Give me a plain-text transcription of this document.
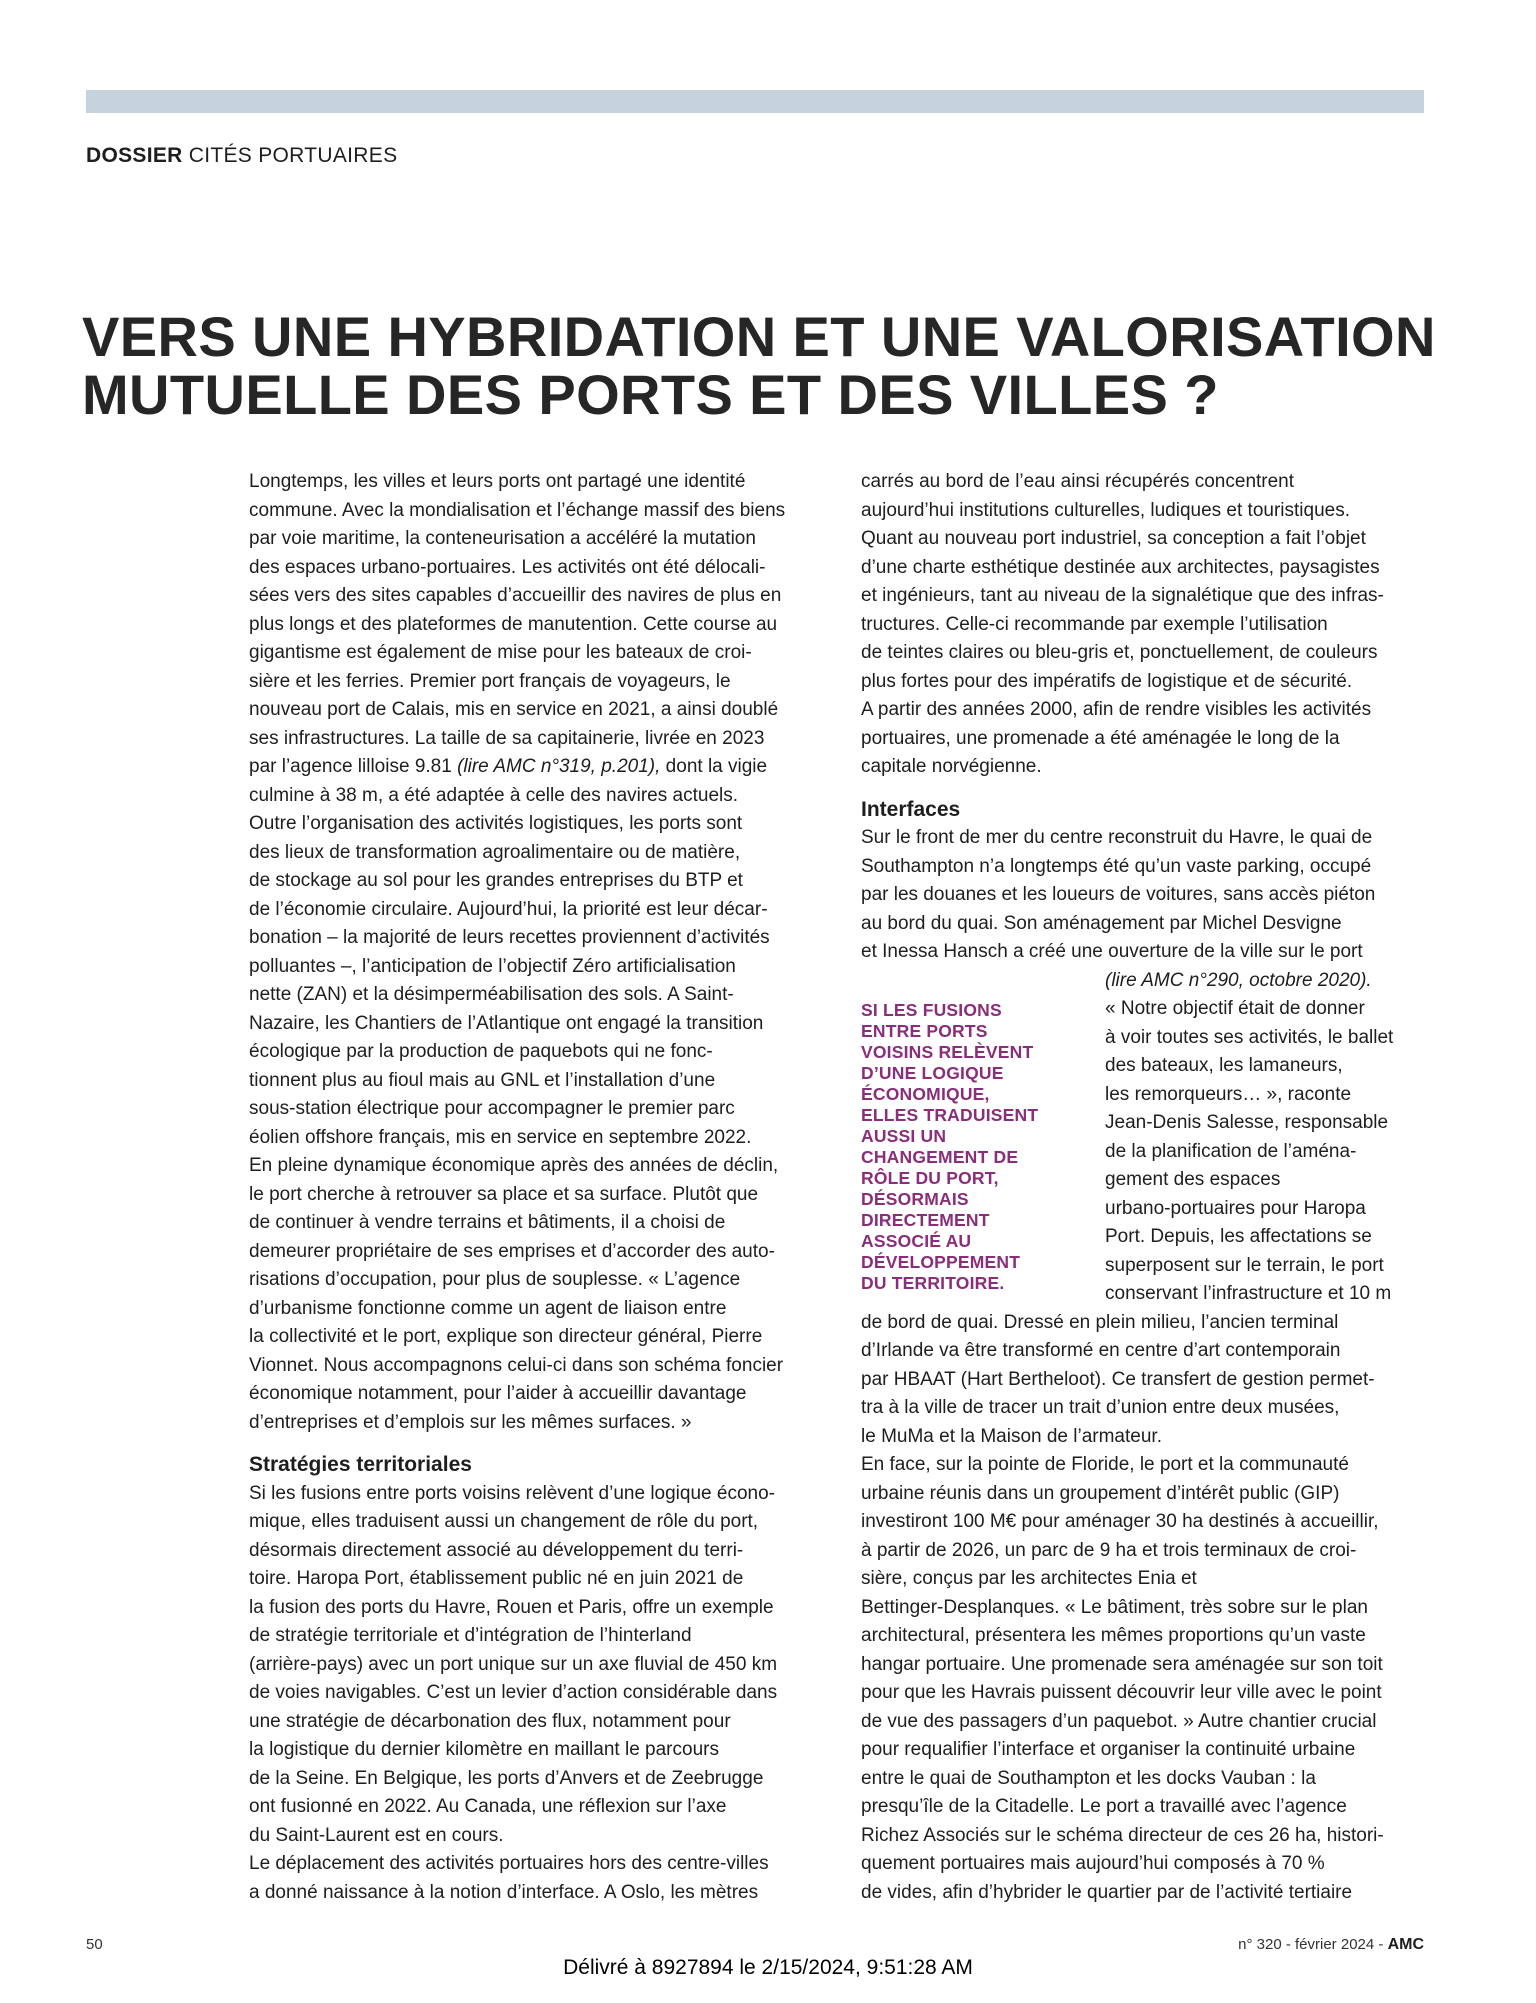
DOSSIER CITÉS PORTUAIRES
VERS UNE HYBRIDATION ET UNE VALORISATION
MUTUELLE DES PORTS ET DES VILLES ?
Longtemps, les villes et leurs ports ont partagé une identité
commune. Avec la mondialisation et l’échange massif des biens
par voie maritime, la conteneurisation a accéléré la mutation
des espaces urbano-portuaires. Les activités ont été délocali-
sées vers des sites capables d’accueillir des navires de plus en
plus longs et des plateformes de manutention. Cette course au
gigantisme est également de mise pour les bateaux de croi-
sière et les ferries. Premier port français de voyageurs, le
nouveau port de Calais, mis en service en 2021, a ainsi doublé
ses infrastructures. La taille de sa capitainerie, livrée en 2023
par l’agence lilloise 9.81 (lire AMC n°319, p.201), dont la vigie
culmine à 38 m, a été adaptée à celle des navires actuels.
Outre l’organisation des activités logistiques, les ports sont
des lieux de transformation agroalimentaire ou de matière,
de stockage au sol pour les grandes entreprises du BTP et
de l’économie circulaire. Aujourd’hui, la priorité est leur décar-
bonation – la majorité de leurs recettes proviennent d’activités
polluantes –, l’anticipation de l’objectif Zéro artificialisation
nette (ZAN) et la désimperméabilisation des sols. A Saint-
Nazaire, les Chantiers de l’Atlantique ont engagé la transition
écologique par la production de paquebots qui ne fonc-
tionnent plus au fioul mais au GNL et l’installation d’une
sous-station électrique pour accompagner le premier parc
éolien offshore français, mis en service en septembre 2022.
En pleine dynamique économique après des années de déclin,
le port cherche à retrouver sa place et sa surface. Plutôt que
de continuer à vendre terrains et bâtiments, il a choisi de
demeurer propriétaire de ses emprises et d’accorder des auto-
risations d’occupation, pour plus de souplesse. « L’agence
d’urbanisme fonctionne comme un agent de liaison entre
la collectivité et le port, explique son directeur général, Pierre
Vionnet. Nous accompagnons celui-ci dans son schéma foncier
économique notamment, pour l’aider à accueillir davantage
d’entreprises et d’emplois sur les mêmes surfaces. »
Stratégies territoriales
Si les fusions entre ports voisins relèvent d’une logique écono-
mique, elles traduisent aussi un changement de rôle du port,
désormais directement associé au développement du terri-
toire. Haropa Port, établissement public né en juin 2021 de
la fusion des ports du Havre, Rouen et Paris, offre un exemple
de stratégie territoriale et d’intégration de l’hinterland
(arrière-pays) avec un port unique sur un axe fluvial de 450 km
de voies navigables. C’est un levier d’action considérable dans
une stratégie de décarbonation des flux, notamment pour
la logistique du dernier kilomètre en maillant le parcours
de la Seine. En Belgique, les ports d’Anvers et de Zeebrugge
ont fusionné en 2022. Au Canada, une réflexion sur l’axe
du Saint-Laurent est en cours.
Le déplacement des activités portuaires hors des centre-villes
a donné naissance à la notion d’interface. A Oslo, les mètres
carrés au bord de l’eau ainsi récupérés concentrent
aujourd’hui institutions culturelles, ludiques et touristiques.
Quant au nouveau port industriel, sa conception a fait l’objet
d’une charte esthétique destinée aux architectes, paysagistes
et ingénieurs, tant au niveau de la signalétique que des infras-
tructures. Celle-ci recommande par exemple l’utilisation
de teintes claires ou bleu-gris et, ponctuellement, de couleurs
plus fortes pour des impératifs de logistique et de sécurité.
A partir des années 2000, afin de rendre visibles les activités
portuaires, une promenade a été aménagée le long de la
capitale norvégienne.
Interfaces
Sur le front de mer du centre reconstruit du Havre, le quai de
Southampton n’a longtemps été qu’un vaste parking, occupé
par les douanes et les loueurs de voitures, sans accès piéton
au bord du quai. Son aménagement par Michel Desvigne
et Inessa Hansch a créé une ouverture de la ville sur le port
(lire AMC n°290, octobre 2020).
« Notre objectif était de donner
à voir toutes ses activités, le ballet
des bateaux, les lamaneurs,
les remorqueurs… », raconte
Jean-Denis Salesse, responsable
de la planification de l’aména-
gement des espaces
urbano-portuaires pour Haropa
Port. Depuis, les affectations se
superposent sur le terrain, le port
conservant l’infrastructure et 10 m
de bord de quai. Dressé en plein milieu, l’ancien terminal
d’Irlande va être transformé en centre d’art contemporain
par HBAAT (Hart Bertheloot). Ce transfert de gestion permet-
tra à la ville de tracer un trait d’union entre deux musées,
le MuMa et la Maison de l’armateur.
En face, sur la pointe de Floride, le port et la communauté
urbaine réunis dans un groupement d’intérêt public (GIP)
investiront 100 M€ pour aménager 30 ha destinés à accueillir,
à partir de 2026, un parc de 9 ha et trois terminaux de croi-
sière, conçus par les architectes Enia et
Bettinger-Desplanques. « Le bâtiment, très sobre sur le plan
architectural, présentera les mêmes proportions qu’un vaste
hangar portuaire. Une promenade sera aménagée sur son toit
pour que les Havrais puissent découvrir leur ville avec le point
de vue des passagers d’un paquebot. » Autre chantier crucial
pour requalifier l’interface et organiser la continuité urbaine
entre le quai de Southampton et les docks Vauban : la
presqu’île de la Citadelle. Le port a travaillé avec l’agence
Richez Associés sur le schéma directeur de ces 26 ha, histori-
quement portuaires mais aujourd’hui composés à 70 %
de vides, afin d’hybrider le quartier par de l’activité tertiaire
SI LES FUSIONS
ENTRE PORTS
VOISINS RELÈVENT
D’UNE LOGIQUE
ÉCONOMIQUE,
ELLES TRADUISENT
AUSSI UN
CHANGEMENT DE
RÔLE DU PORT,
DÉSORMAIS
DIRECTEMENT
ASSOCIÉ AU
DÉVELOPPEMENT
DU TERRITOIRE.
50	n° 320 - février 2024 - AMC
Délivré à 8927894 le 2/15/2024, 9:51:28 AM
